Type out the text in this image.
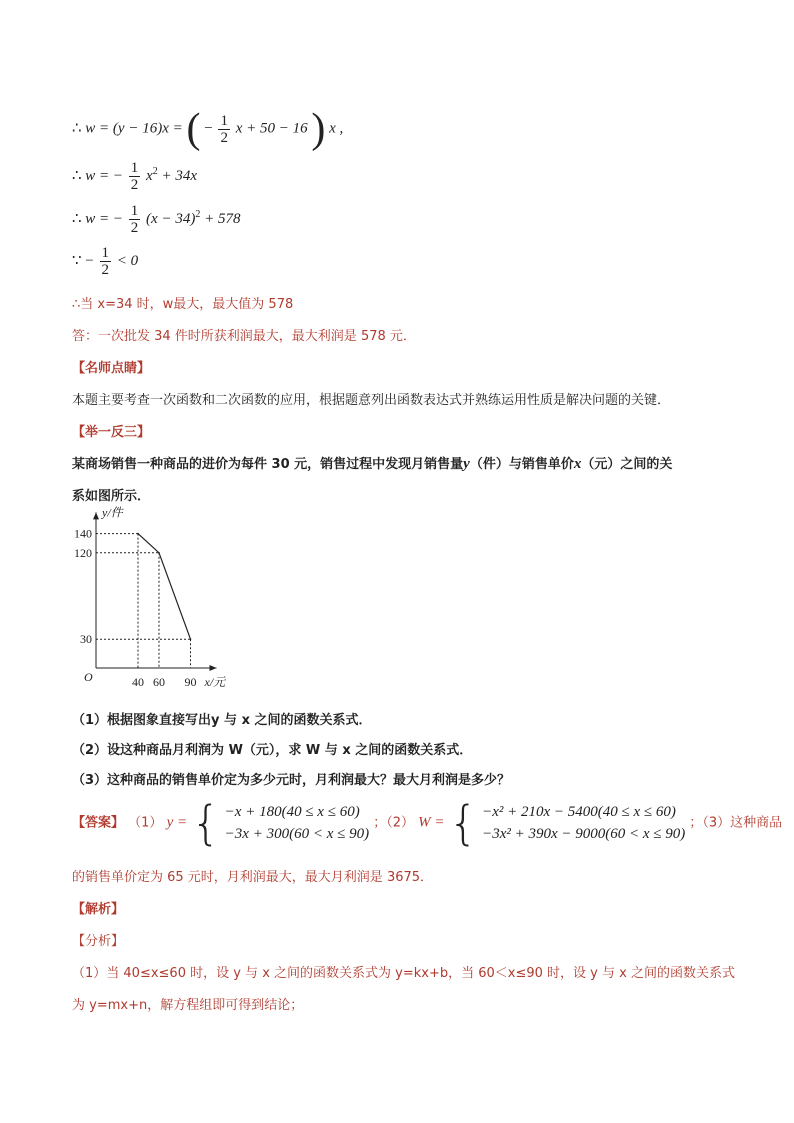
∴ w = (y − 16)x = ( − $\frac{1}{2}$ x + 50 − 16 ) x ,
∴ w = − $\frac{1}{2} x^2 + 34x$
∴ w = − $\frac{1}{2} (x - 34)^2 + 578$
∵ − $\frac{1}{2} < 0$
∴当 x=34 时，w最大，最大值为 578
答：一次批发 34 件时所获利润最大，最大利润是 578 元．
【名师点睛】
本题主要考查一次函数和二次函数的应用，根据题意列出函数表达式并熟练运用性质是解决问题的关键．
【举一反三】
某商场销售一种商品的进价为每件 30 元，销售过程中发现月销售量y（件）与销售单价x（元）之间的关
系如图所示．
40 60 90
140
120
30
O	x/元
y/件
（1）根据图象直接写出y 与 x 之间的函数关系式．
（2）设这种商品月利润为 W（元），求 W 与 x 之间的函数关系式．
（3）这种商品的销售单价定为多少元时，月利润最大？最大月利润是多少？
【答案】 （1） y = { −x + 180(40 ≤ x ≤ 60)
−3x + 300(60 < x ≤ 90)
；（2） W = { −x² + 210x − 5400(40 ≤ x ≤ 60)
−3x² + 390x − 9000(60 < x ≤ 90)
；（3）这种商品
的销售单价定为 65 元时，月利润最大，最大月利润是 3675．
【解析】
【分析】
（1）当 40≤x≤60 时，设 y 与 x 之间的函数关系式为 y=kx+b，当 60＜x≤90 时，设 y 与 x 之间的函数关系式
为 y=mx+n，解方程组即可得到结论；
